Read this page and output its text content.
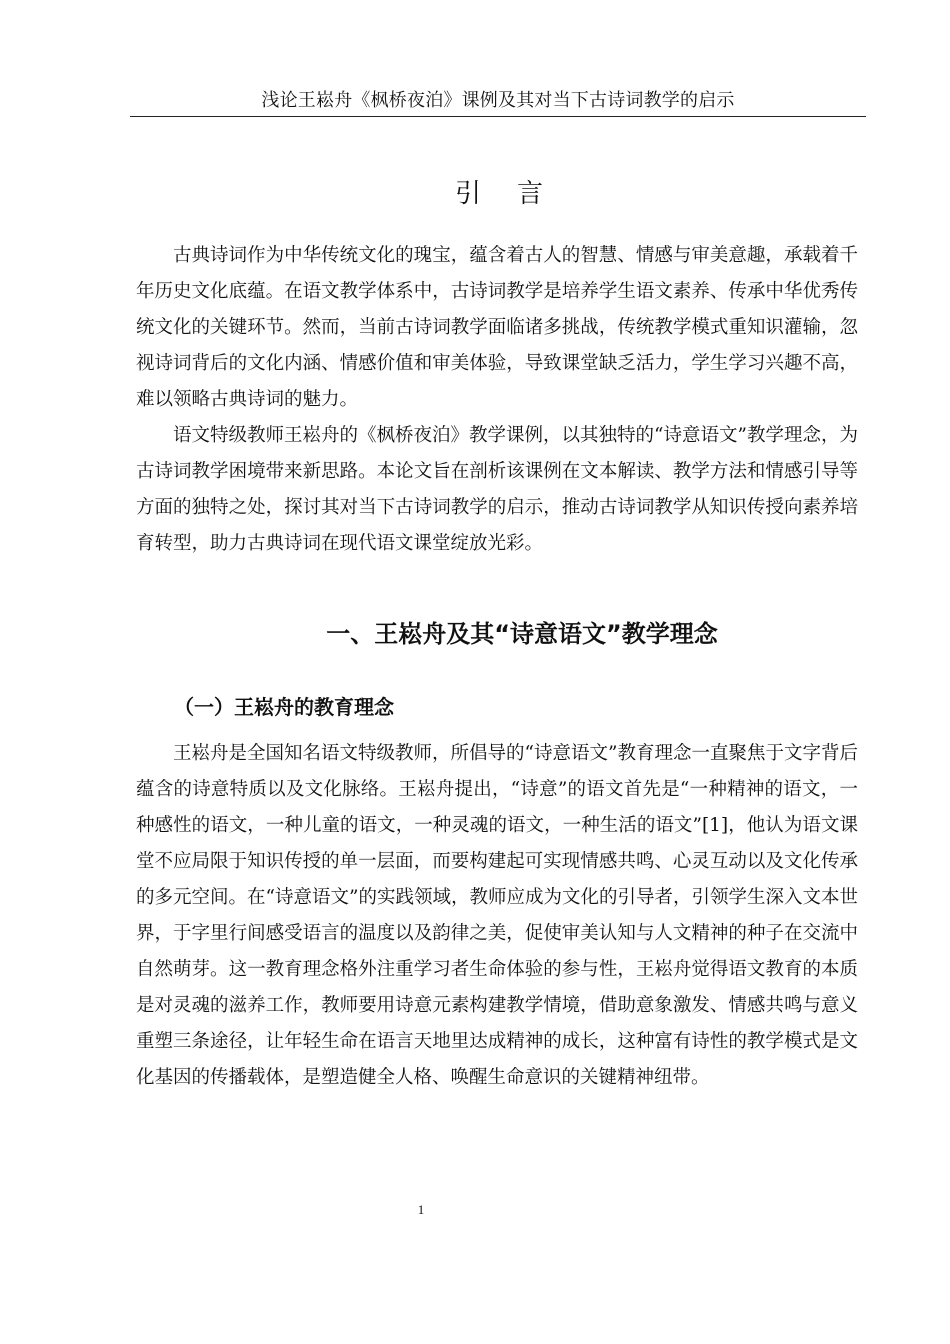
浅论王崧舟《枫桥夜泊》课例及其对当下古诗词教学的启示
引言

古典诗词作为中华传统文化的瑰宝，蕴含着古人的智慧、情感与审美意趣，承载着千年历史文化底蕴。在语文教学体系中，古诗词教学是培养学生语文素养、传承中华优秀传统文化的关键环节。然而，当前古诗词教学面临诸多挑战，传统教学模式重知识灌输，忽视诗词背后的文化内涵、情感价值和审美体验，导致课堂缺乏活力，学生学习兴趣不高，难以领略古典诗词的魅力。

语文特级教师王崧舟的《枫桥夜泊》教学课例，以其独特的“诗意语文”教学理念，为古诗词教学困境带来新思路。本论文旨在剖析该课例在文本解读、教学方法和情感引导等方面的独特之处，探讨其对当下古诗词教学的启示，推动古诗词教学从知识传授向素养培育转型，助力古典诗词在现代语文课堂绽放光彩。

一、王崧舟及其“诗意语文”教学理念
（一）王崧舟的教育理念

王崧舟是全国知名语文特级教师，所倡导的“诗意语文”教育理念一直聚焦于文字背后蕴含的诗意特质以及文化脉络。王崧舟提出，“诗意”的语文首先是“一种精神的语文，一种感性的语文，一种儿童的语文，一种灵魂的语文，一种生活的语文”[1]，他认为语文课堂不应局限于知识传授的单一层面，而要构建起可实现情感共鸣、心灵互动以及文化传承的多元空间。在“诗意语文”的实践领域，教师应成为文化的引导者，引领学生深入文本世界，于字里行间感受语言的温度以及韵律之美，促使审美认知与人文精神的种子在交流中自然萌芽。这一教育理念格外注重学习者生命体验的参与性，王崧舟觉得语文教育的本质是对灵魂的滋养工作，教师要用诗意元素构建教学情境，借助意象激发、情感共鸣与意义重塑三条途径，让年轻生命在语言天地里达成精神的成长，这种富有诗性的教学模式是文化基因的传播载体，是塑造健全人格、唤醒生命意识的关键精神纽带。

1
